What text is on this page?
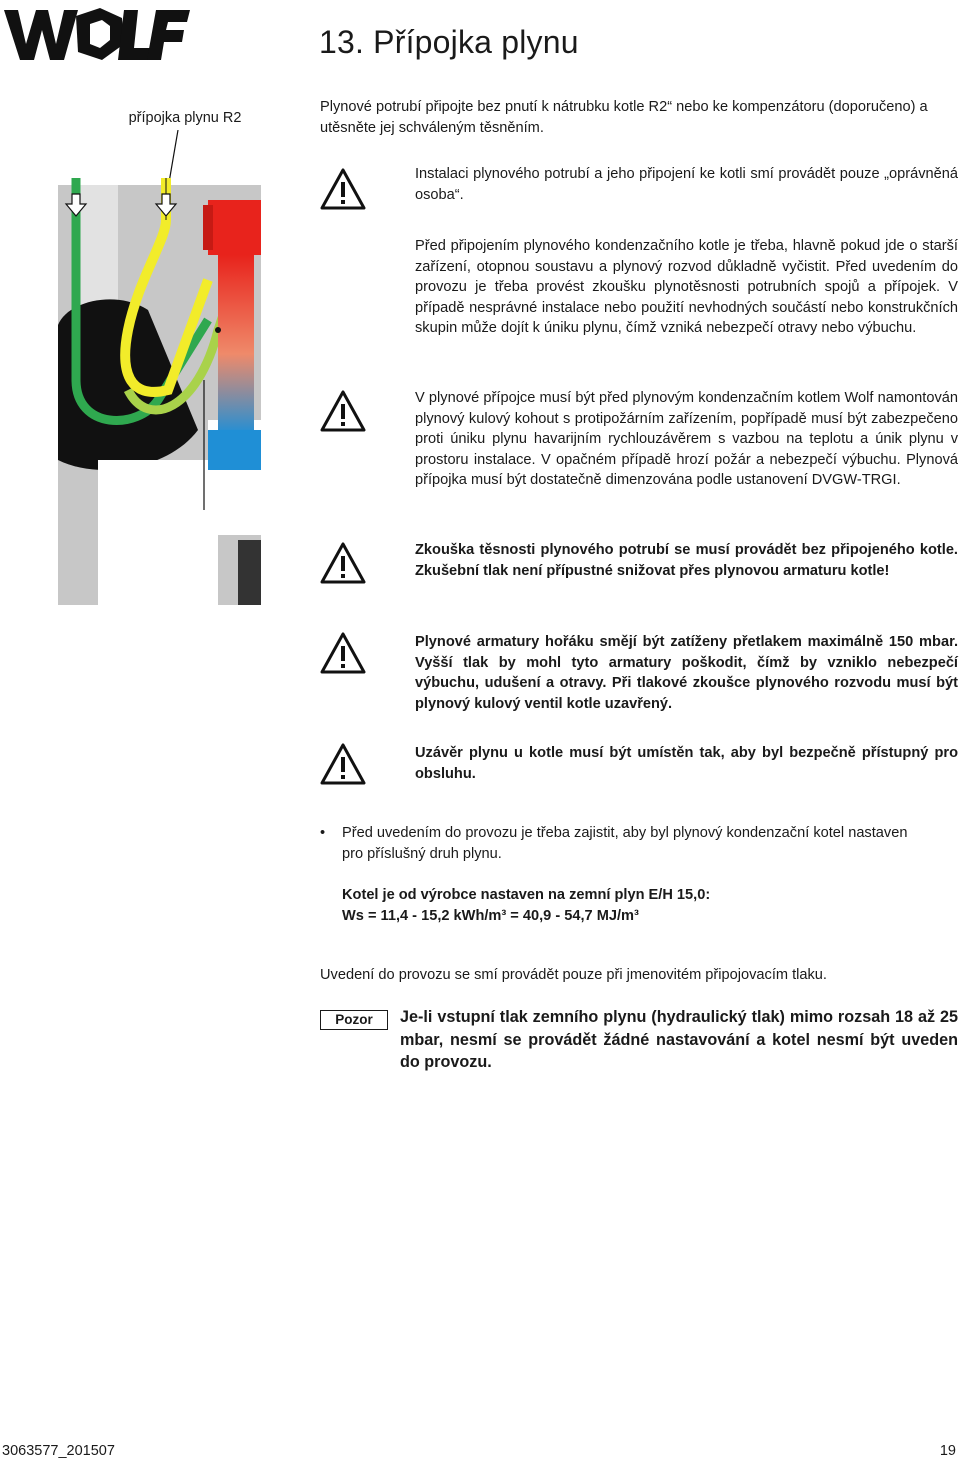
13. Přípojka plynu
přípojka plynu R2
Plynové potrubí připojte bez pnutí k nátrubku kotle R2“ nebo ke kompenzátoru (doporučeno) a utěsněte jej schváleným těsněním.
Instalaci plynového potrubí a jeho připojení ke kotli smí provádět pouze „oprávněná osoba“.
Před připojením plynového kondenzačního kotle je třeba, hlavně pokud jde o starší zařízení, otopnou soustavu a plynový rozvod důkladně vyčistit. Před uvedením do provozu je třeba provést zkoušku plynotěsnosti potrubních spojů a přípojek. V případě nesprávné instalace nebo použití nevhodných součástí nebo konstrukčních skupin může dojít k úniku plynu, čímž vzniká nebezpečí otravy nebo výbuchu.
V plynové přípojce musí být před plynovým kondenzačním kotlem Wolf namontován plynový kulový kohout s protipožárním zařízením, popřípadě musí být zabezpečeno proti úniku plynu havarijním rychlouzávěrem s vazbou na teplotu a únik plynu v prostoru instalace. V opačném případě hrozí požár a nebezpečí výbuchu. Plynová přípojka musí být dostatečně dimenzována podle ustanovení DVGW-TRGI.
Zkouška těsnosti plynového potrubí se musí provádět bez připojeného kotle. Zkušební tlak není přípustné snižovat přes plynovou armaturu kotle!
Plynové armatury hořáku smějí být zatíženy přetlakem maximálně 150 mbar. Vyšší tlak by mohl tyto armatury poškodit, čímž by vzniklo nebezpečí výbuchu, udušení a otravy. Při tlakové zkoušce plynového rozvodu musí být plynový kulový ventil kotle uzavřený.
Uzávěr plynu u kotle musí být umístěn tak, aby byl bezpečně přístupný pro obsluhu.
• Před uvedením do provozu je třeba zajistit, aby byl plynový kondenzační kotel nastaven pro příslušný druh plynu.
Kotel je od výrobce nastaven na zemní plyn E/H 15,0:
Ws = 11,4 - 15,2 kWh/m³ = 40,9 - 54,7 MJ/m³
Uvedení do provozu se smí provádět pouze při jmenovitém připojovacím tlaku.
Pozor	Je-li vstupní tlak zemního plynu (hydraulický tlak) mimo rozsah 18 až 25 mbar, nesmí se provádět žádné nastavování a kotel nesmí být uveden do provozu.
3063577_201507	19
